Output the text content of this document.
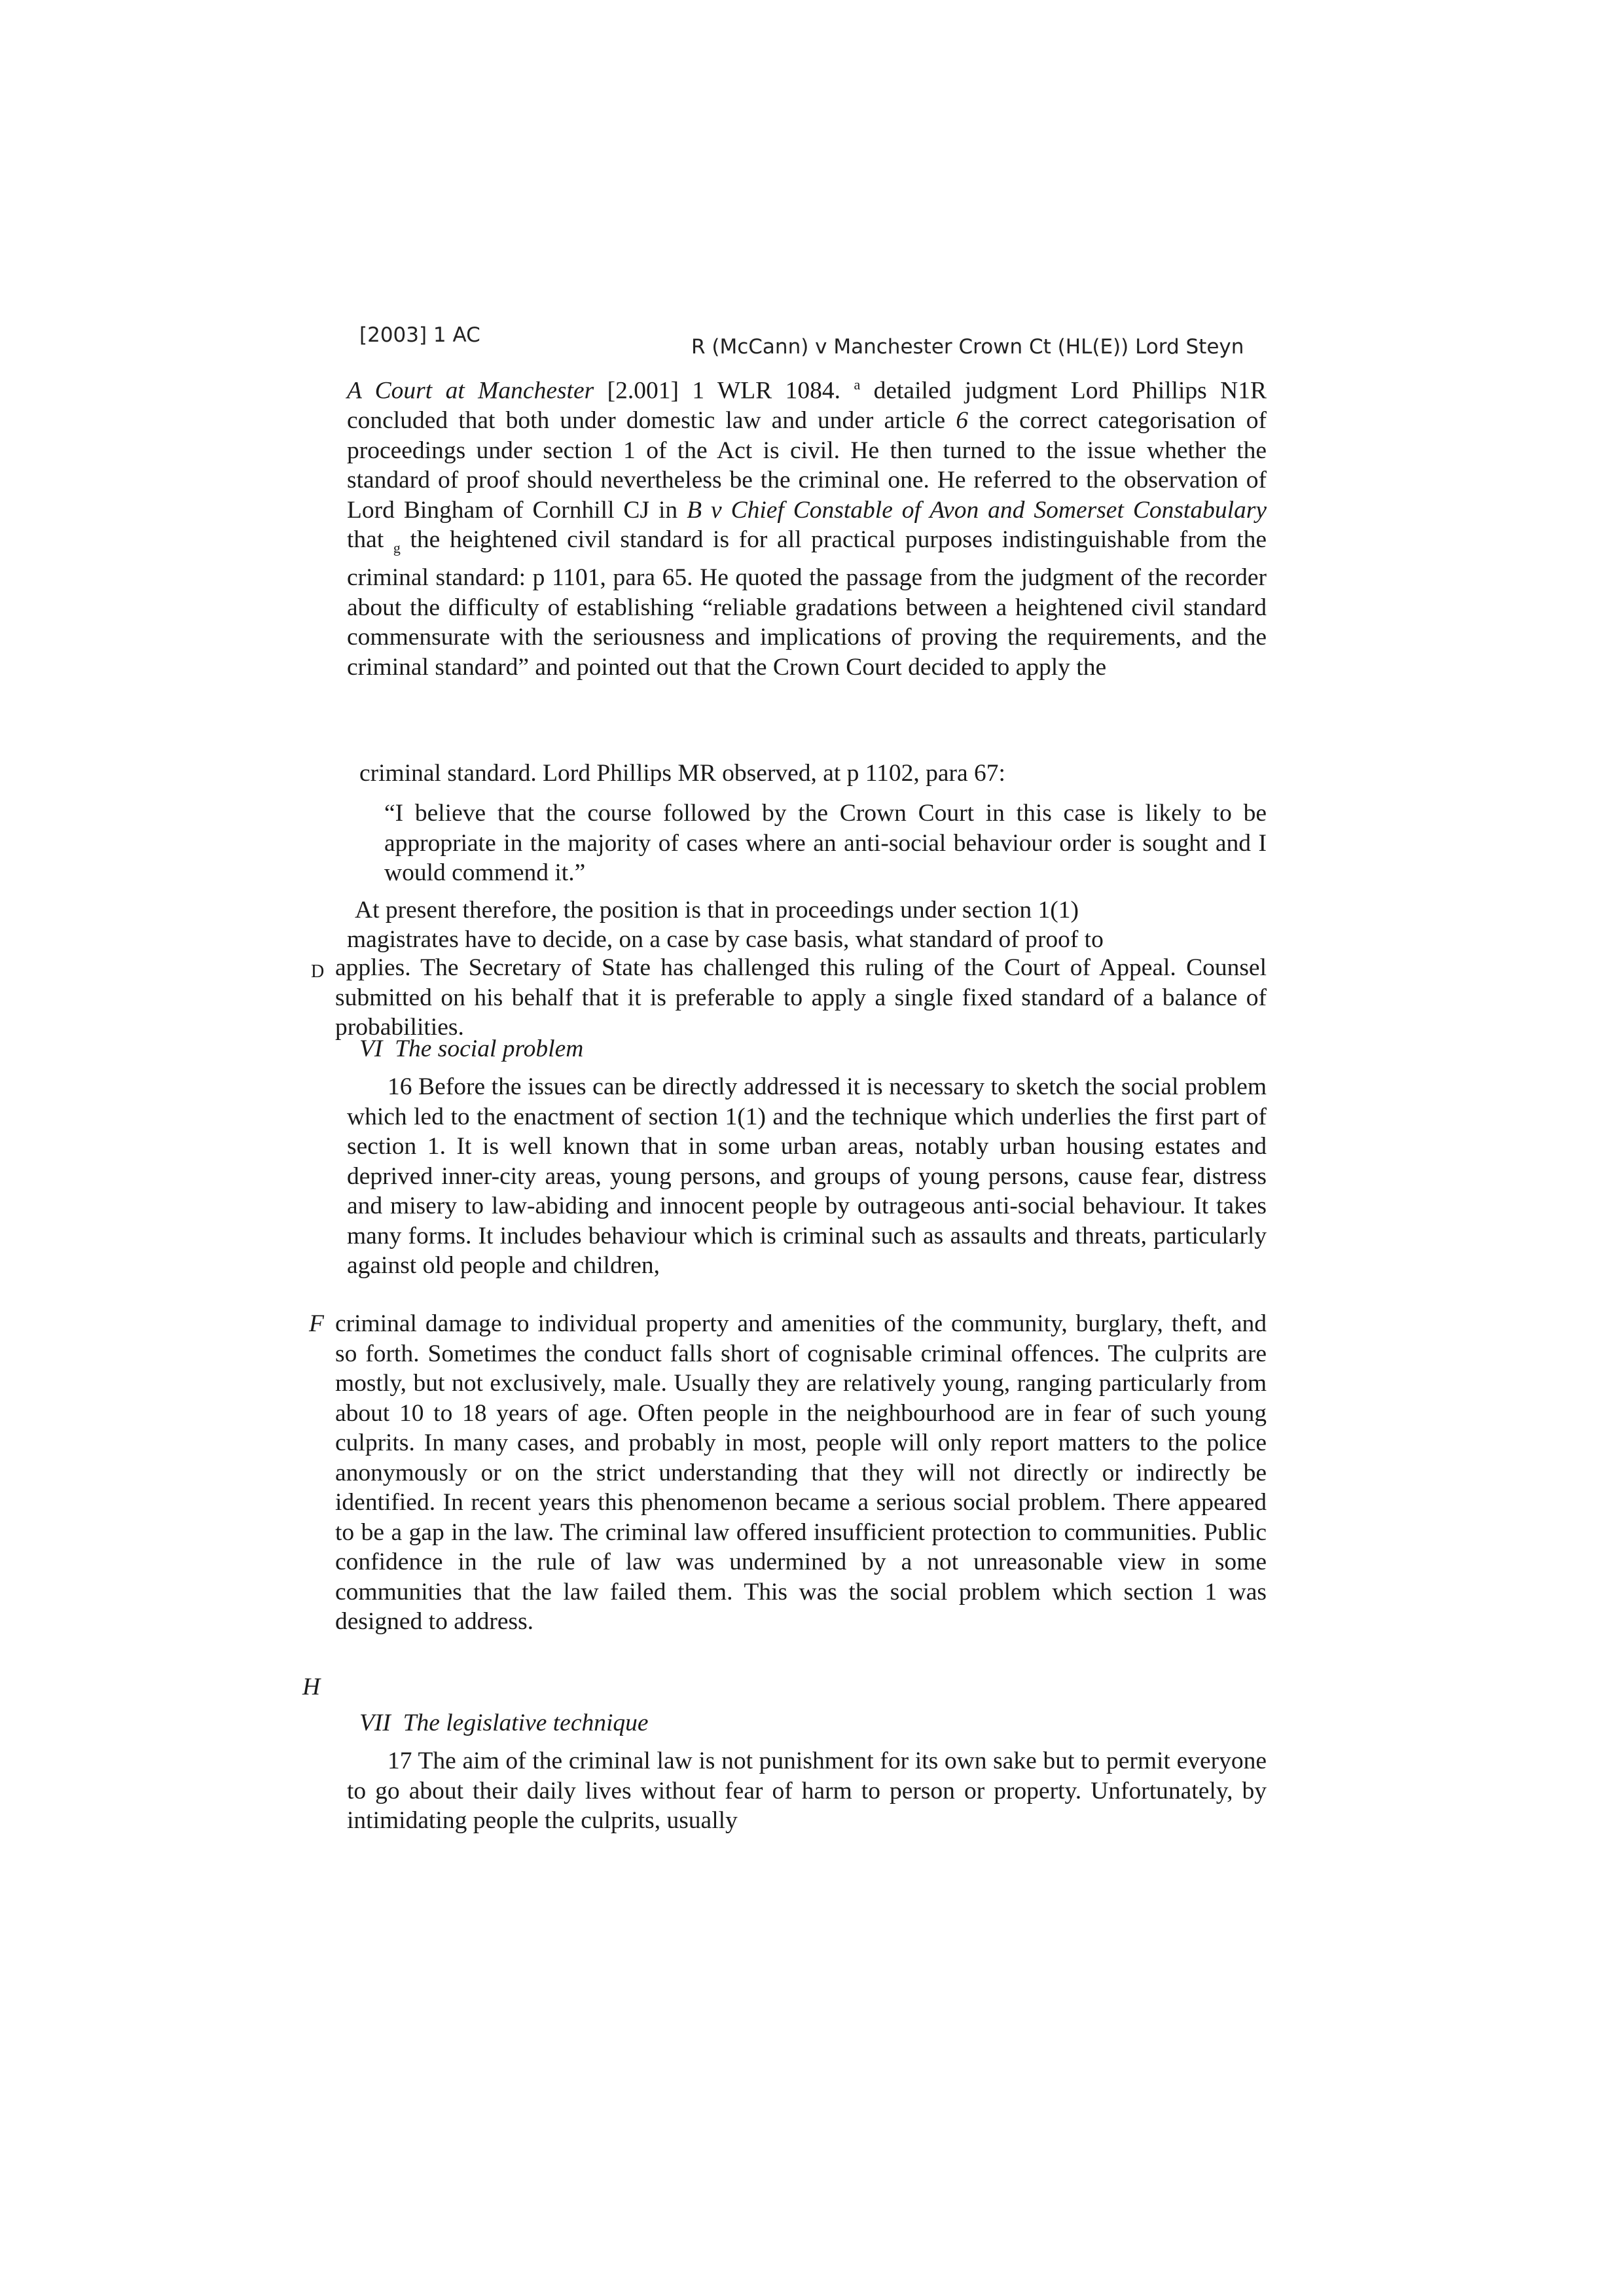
[2003] 1 AC	R (McCann) v Manchester Crown Ct (HL(E)) Lord Steyn

A Court at Manchester [2.001] 1 WLR 1084. $^a$ detailed judgment Lord Phillips N1R concluded that both under domestic law and under article 6 the correct categorisation of proceedings under section 1 of the Act is civil. He then turned to the issue whether the standard of proof should nevertheless be the criminal one. He referred to the observation of Lord Bingham of Cornhill CJ in B v Chief Constable of Avon and Somerset Constabulary that $_g$ the heightened civil standard is for all practical purposes indistinguishable from the criminal standard: p 1101, para 65. He quoted the passage from the judgment of the recorder about the difficulty of establishing “reliable gradations between a heightened civil standard commensurate with the seriousness and implications of proving the requirements, and the criminal standard” and pointed out that the Crown Court decided to apply the

criminal standard. Lord Phillips MR observed, at p 1102, para 67:
“I believe that the course followed by the Crown Court in this case is likely to be appropriate in the majority of cases where an anti-social behaviour order is sought and I would commend it.”
At present therefore, the position is that in proceedings under section 1(1)
magistrates have to decide, on a case by case basis, what standard of proof to
D applies. The Secretary of State has challenged this ruling of the Court of Appeal. Counsel submitted on his behalf that it is preferable to apply a single fixed standard of a balance of probabilities.
VI The social problem
16 Before the issues can be directly addressed it is necessary to sketch the social problem which led to the enactment of section 1(1) and the technique which underlies the first part of section 1. It is well known that in some urban areas, notably urban housing estates and deprived inner-city areas, young persons, and groups of young persons, cause fear, distress and misery to law-abiding and innocent people by outrageous anti-social behaviour. It takes many forms. It includes behaviour which is criminal such as assaults and threats, particularly against old people and children,
F criminal damage to individual property and amenities of the community, burglary, theft, and so forth. Sometimes the conduct falls short of cognisable criminal offences. The culprits are mostly, but not exclusively, male. Usually they are relatively young, ranging particularly from about 10 to 18 years of age. Often people in the neighbourhood are in fear of such young culprits. In many cases, and probably in most, people will only report matters to the police anonymously or on the strict understanding that they will not directly or indirectly be identified. In recent years this phenomenon became a serious social problem. There appeared to be a gap in the law. The criminal law offered insufficient protection to communities. Public confidence in the rule of law was undermined by a not unreasonable view in some communities that the law failed them. This was the social problem which section 1 was designed to address.
H
VII The legislative technique
17 The aim of the criminal law is not punishment for its own sake but to permit everyone to go about their daily lives without fear of harm to person or property. Unfortunately, by intimidating people the culprits, usually
